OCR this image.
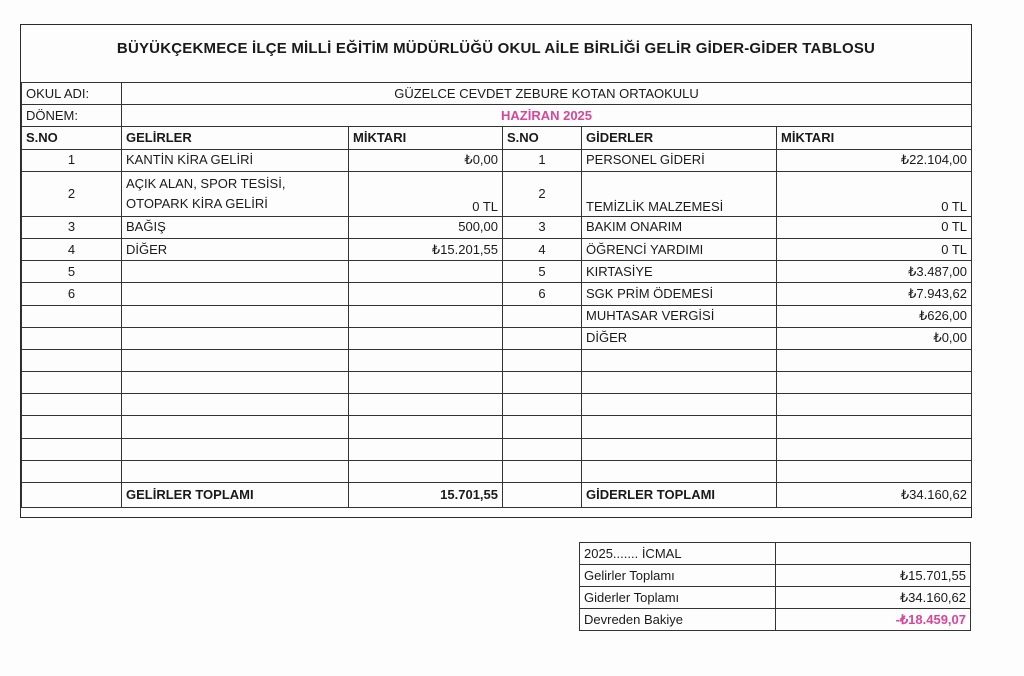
BÜYÜKÇEKMECE İLÇE MİLLİ EĞİTİM MÜDÜRLÜĞÜ OKUL AİLE BİRLİĞİ GELİR GİDER-GİDER TABLOSU
OKUL ADI:	GÜZELCE CEVDET ZEBURE KOTAN ORTAOKULU				
DÖNEM:	HAZİRAN 2025				
S.NO	GELİRLER	MİKTARI	S.NO	GİDERLER	MİKTARI
1	KANTİN KİRA GELİRİ	₺0,00	1	PERSONEL GİDERİ	₺22.104,00
2	AÇIK ALAN, SPOR TESİSİ, OTOPARK KİRA GELİRİ	0 TL	2	TEMİZLİK MALZEMESİ	0 TL
3	BAĞIŞ	500,00	3	BAKIM ONARIM	0 TL
4	DİĞER	₺15.201,55	4	ÖĞRENCİ YARDIMI	0 TL
5			5	KIRTASİYE	₺3.487,00
6			6	SGK PRİM ÖDEMESİ	₺7.943,62
				MUHTASAR VERGİSİ	₺626,00
				DİĞER	₺0,00

	GELİRLER TOPLAMI	15.701,55		GİDERLER TOPLAMI	₺34.160,62
2025....... İCMAL	
Gelirler Toplamı	₺15.701,55
Giderler Toplamı	₺34.160,62
Devreden Bakiye	-₺18.459,07
